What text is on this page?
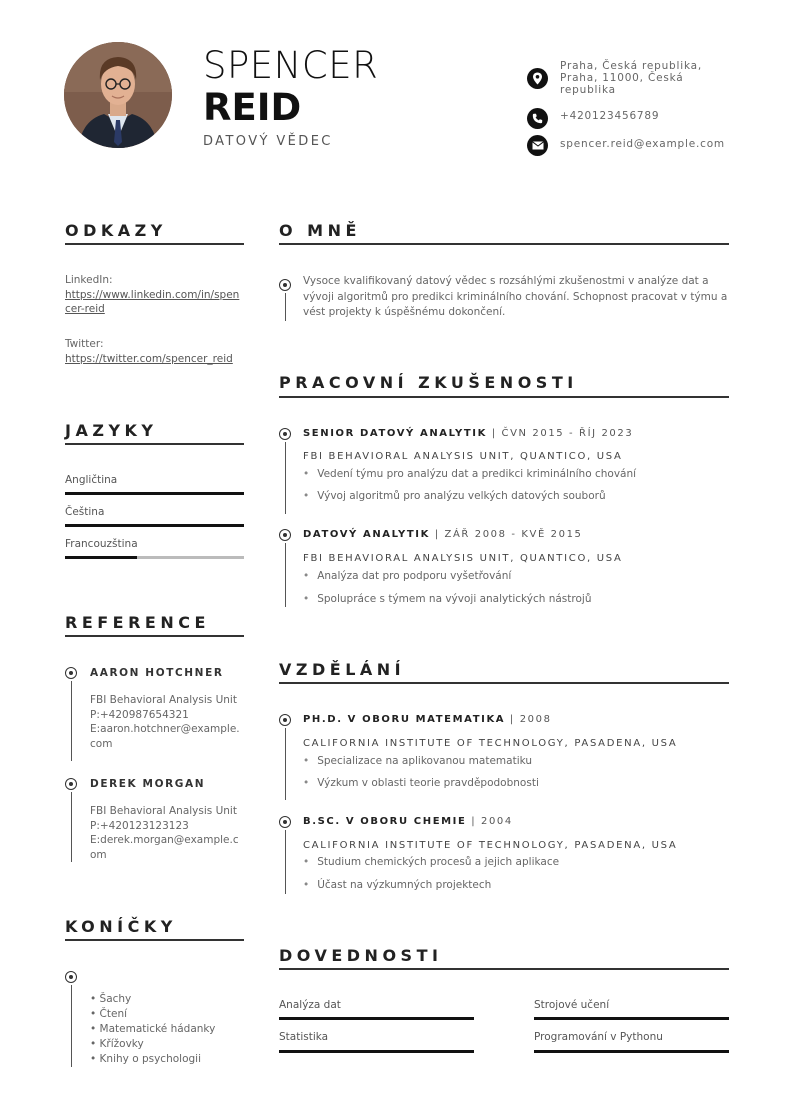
SPENCER
REID
DATOVÝ VĚDEC
Praha, Česká republika, Praha, 11000, Česká republika
+420123456789
spencer.reid@example.com
ODKAZY
LinkedIn:
https://www.linkedin.com/in/spencer-reid
Twitter:
https://twitter.com/spencer_reid
JAZYKY
Angličtina
Čeština
Francouzština
REFERENCE
AARON HOTCHNER
FBI Behavioral Analysis Unit
P:+420987654321
E:aaron.hotchner@example.com
DEREK MORGAN
FBI Behavioral Analysis Unit
P:+420123123123
E:derek.morgan@example.com
KONÍČKY
• Šachy
• Čtení
• Matematické hádanky
• Křížovky
• Knihy o psychologii
O MNĚ
Vysoce kvalifikovaný datový vědec s rozsáhlými zkušenostmi v analýze dat a vývoji algoritmů pro predikci kriminálního chování. Schopnost pracovat v týmu a vést projekty k úspěšnému dokončení.
PRACOVNÍ ZKUŠENOSTI
SENIOR DATOVÝ ANALYTIK | ČVN 2015 - ŘÍJ 2023
FBI BEHAVIORAL ANALYSIS UNIT, QUANTICO, USA
• Vedení týmu pro analýzu dat a predikci kriminálního chování
• Vývoj algoritmů pro analýzu velkých datových souborů
DATOVÝ ANALYTIK | ZÁŘ 2008 - KVĚ 2015
FBI BEHAVIORAL ANALYSIS UNIT, QUANTICO, USA
• Analýza dat pro podporu vyšetřování
• Spolupráce s týmem na vývoji analytických nástrojů
VZDĚLÁNÍ
PH.D. V OBORU MATEMATIKA | 2008
CALIFORNIA INSTITUTE OF TECHNOLOGY, PASADENA, USA
• Specializace na aplikovanou matematiku
• Výzkum v oblasti teorie pravděpodobnosti
B.SC. V OBORU CHEMIE | 2004
CALIFORNIA INSTITUTE OF TECHNOLOGY, PASADENA, USA
• Studium chemických procesů a jejich aplikace
• Účast na výzkumných projektech
DOVEDNOSTI
Analýza dat	Strojové učení
Statistika	Programování v Pythonu
